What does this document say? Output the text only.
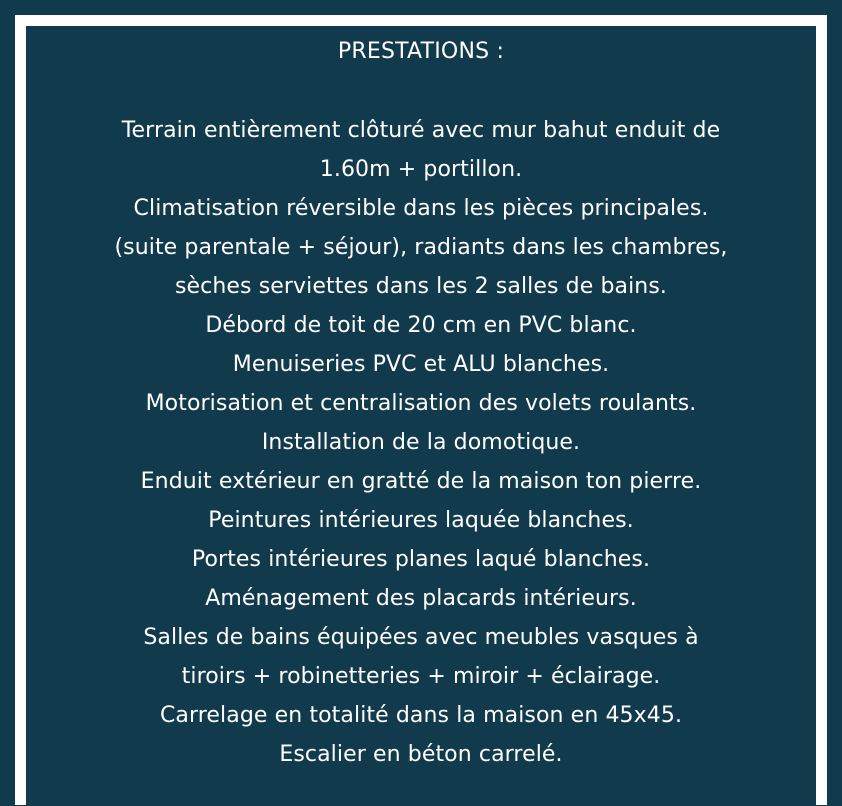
PRESTATIONS :
Terrain entièrement clôturé avec mur bahut enduit de
1.60m + portillon.
Climatisation réversible dans les pièces principales.
(suite parentale + séjour), radiants dans les chambres,
sèches serviettes dans les 2 salles de bains.
Débord de toit de 20 cm en PVC blanc.
Menuiseries PVC et ALU blanches.
Motorisation et centralisation des volets roulants.
Installation de la domotique.
Enduit extérieur en gratté de la maison ton pierre.
Peintures intérieures laquée blanches.
Portes intérieures planes laqué blanches.
Aménagement des placards intérieurs.
Salles de bains équipées avec meubles vasques à
tiroirs + robinetteries + miroir + éclairage.
Carrelage en totalité dans la maison en 45x45.
Escalier en béton carrelé.
